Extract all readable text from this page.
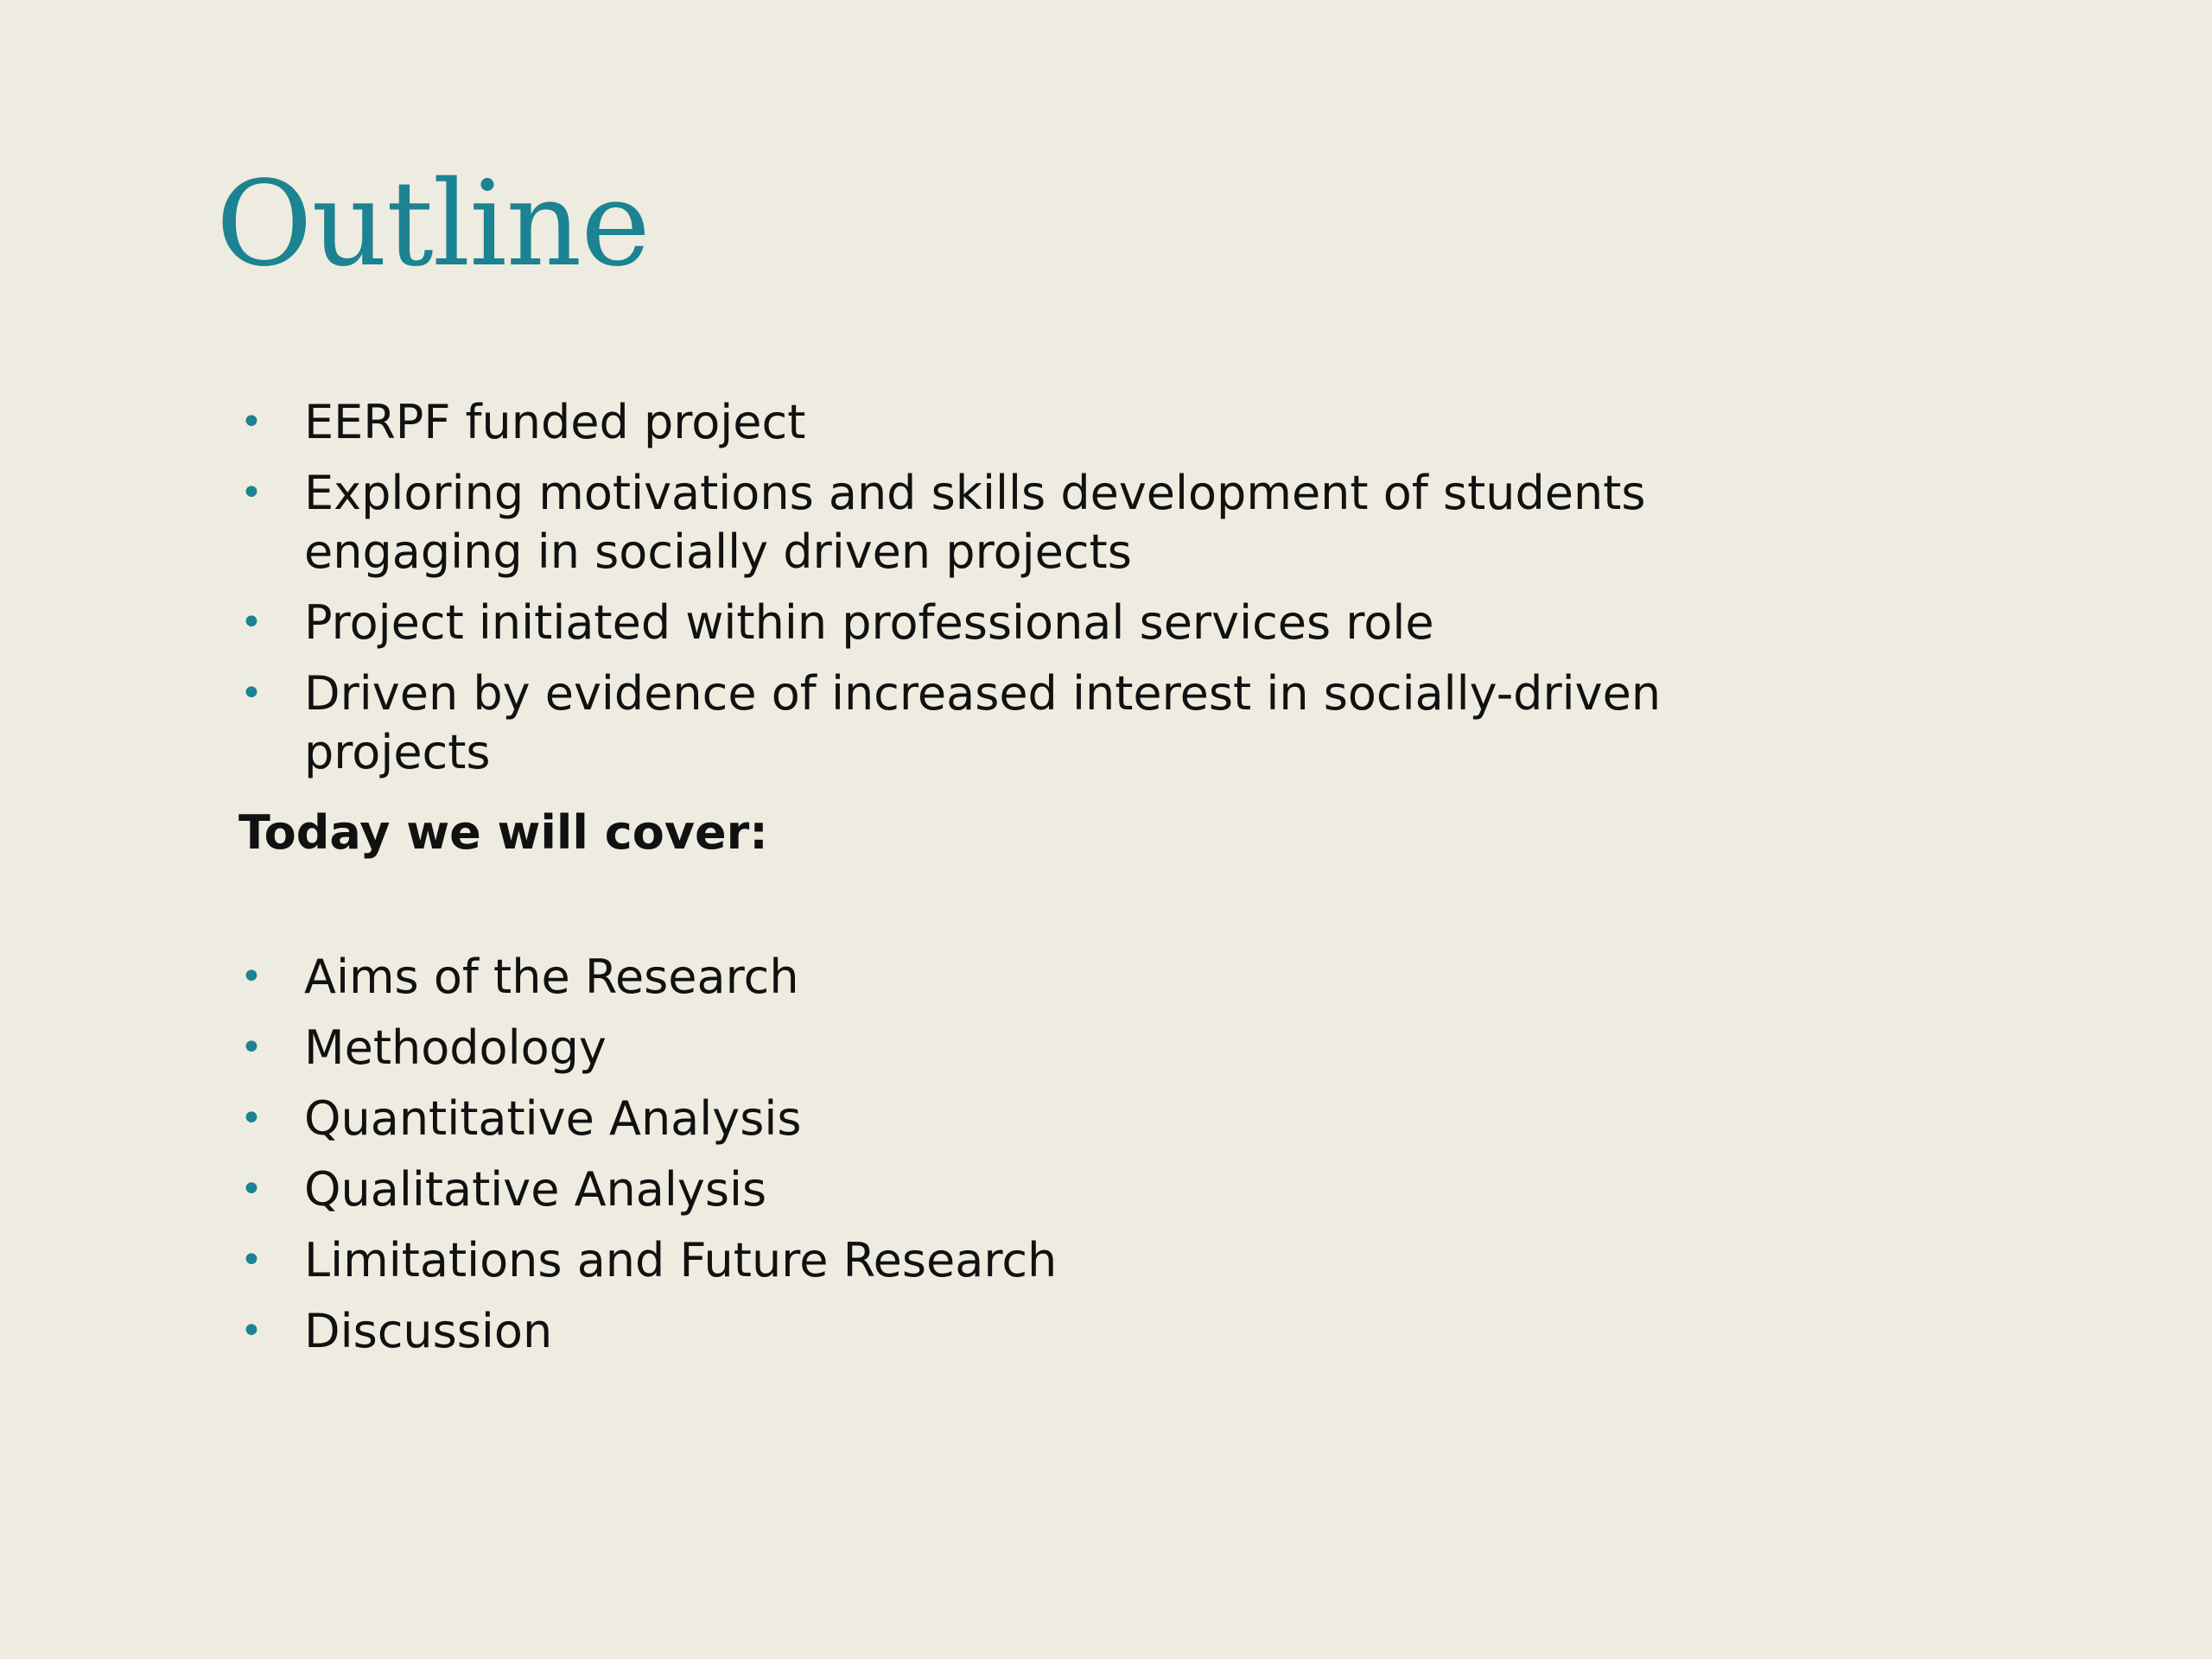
Outline
• EERPF funded project
• Exploring motivations and skills development of students engaging in socially driven projects
• Project initiated within professional services role
• Driven by evidence of increased interest in socially-driven projects

Today we will cover:

• Aims of the Research
• Methodology
• Quantitative Analysis
• Qualitative Analysis
• Limitations and Future Research
• Discussion
